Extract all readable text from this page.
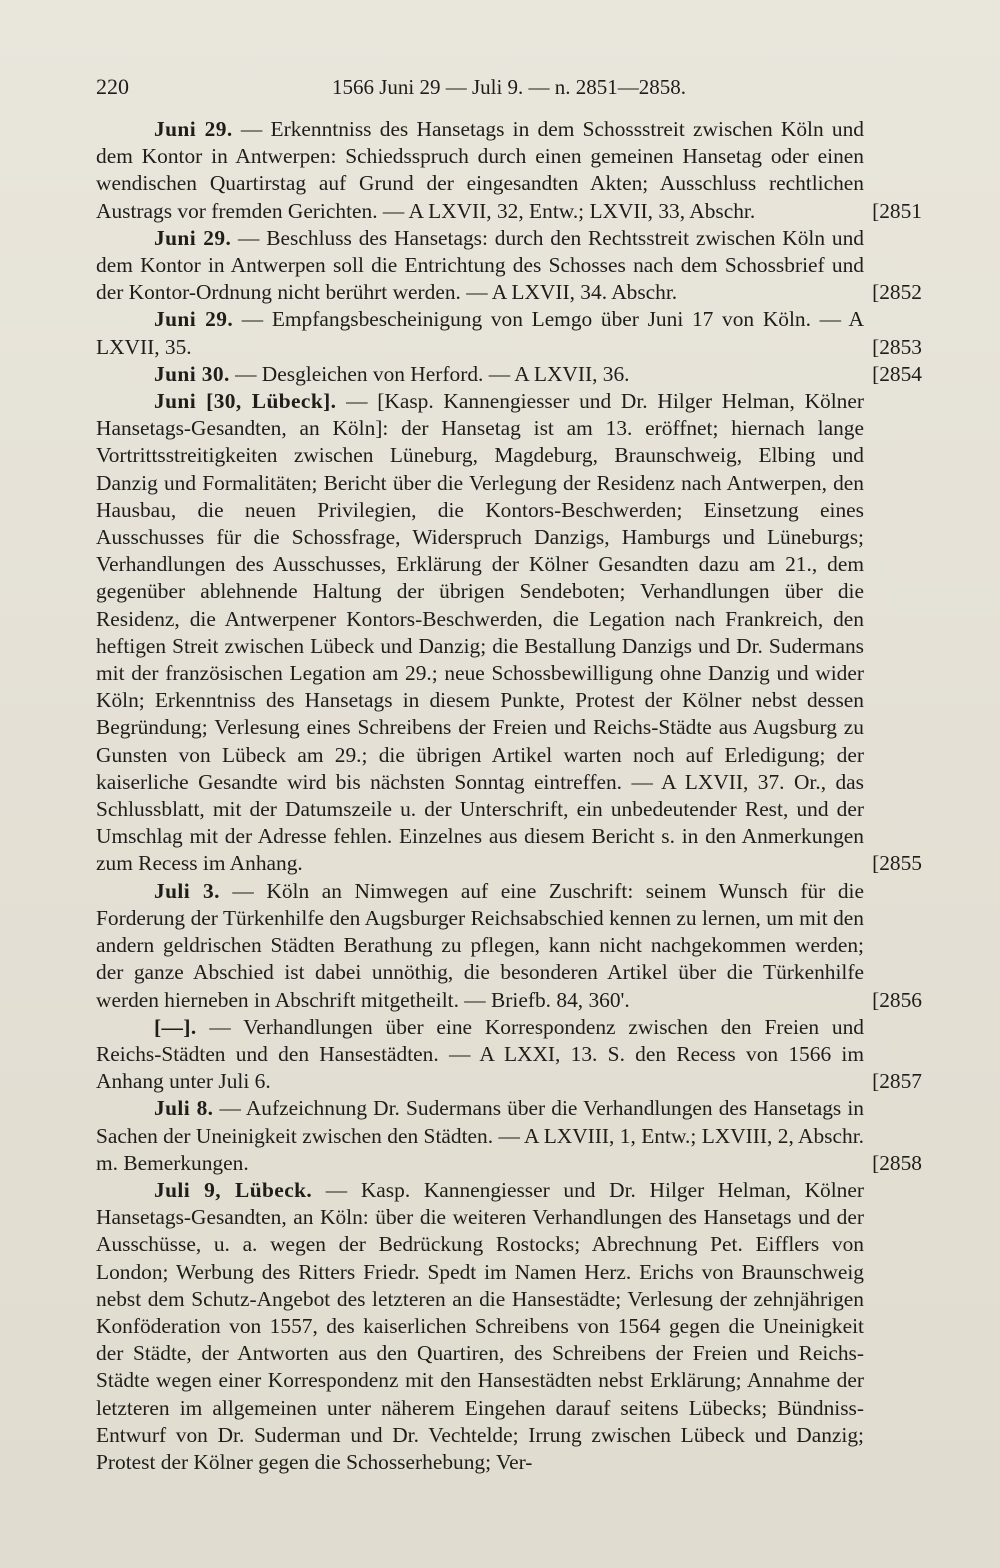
220	1566 Juni 29 — Juli 9. — n. 2851—2858.

Juni 29. — Erkenntniss des Hansetags in dem Schossstreit zwischen Köln und dem Kontor in Antwerpen: Schiedsspruch durch einen gemeinen Hansetag oder einen wendischen Quartirstag auf Grund der eingesandten Akten; Ausschluss rechtlichen Austrags vor fremden Gerichten. — A LXVII, 32, Entw.; LXVII, 33, Abschr.	[2851

Juni 29. — Beschluss des Hansetags: durch den Rechtsstreit zwischen Köln und dem Kontor in Antwerpen soll die Entrichtung des Schosses nach dem Schossbrief und der Kontor-Ordnung nicht berührt werden. — A LXVII, 34. Abschr.	[2852

Juni 29. — Empfangsbescheinigung von Lemgo über Juni 17 von Köln. — A LXVII, 35.	[2853

Juni 30. — Desgleichen von Herford. — A LXVII, 36.	[2854

Juni [30, Lübeck]. — [Kasp. Kannengiesser und Dr. Hilger Helman, Kölner Hansetags-Gesandten, an Köln]: der Hansetag ist am 13. eröffnet; hiernach lange Vortrittsstreitigkeiten zwischen Lüneburg, Magdeburg, Braunschweig, Elbing und Danzig und Formalitäten; Bericht über die Verlegung der Residenz nach Antwerpen, den Hausbau, die neuen Privilegien, die Kontors-Beschwerden; Einsetzung eines Ausschusses für die Schossfrage, Widerspruch Danzigs, Hamburgs und Lüneburgs; Verhandlungen des Ausschusses, Erklärung der Kölner Gesandten dazu am 21., dem gegenüber ablehnende Haltung der übrigen Sendeboten; Verhandlungen über die Residenz, die Antwerpener Kontors-Beschwerden, die Legation nach Frankreich, den heftigen Streit zwischen Lübeck und Danzig; die Bestallung Danzigs und Dr. Sudermans mit der französischen Legation am 29.; neue Schossbewilligung ohne Danzig und wider Köln; Erkenntniss des Hansetags in diesem Punkte, Protest der Kölner nebst dessen Begründung; Verlesung eines Schreibens der Freien und Reichs-Städte aus Augsburg zu Gunsten von Lübeck am 29.; die übrigen Artikel warten noch auf Erledigung; der kaiserliche Gesandte wird bis nächsten Sonntag eintreffen. — A LXVII, 37. Or., das Schlussblatt, mit der Datumszeile u. der Unterschrift, ein unbedeutender Rest, und der Umschlag mit der Adresse fehlen. Einzelnes aus diesem Bericht s. in den Anmerkungen zum Recess im Anhang.	[2855

Juli 3. — Köln an Nimwegen auf eine Zuschrift: seinem Wunsch für die Forderung der Türkenhilfe den Augsburger Reichsabschied kennen zu lernen, um mit den andern geldrischen Städten Berathung zu pflegen, kann nicht nachgekommen werden; der ganze Abschied ist dabei unnöthig, die besonderen Artikel über die Türkenhilfe werden hierneben in Abschrift mitgetheilt. — Briefb. 84, 360'.	[2856

[—]. — Verhandlungen über eine Korrespondenz zwischen den Freien und Reichs-Städten und den Hansestädten. — A LXXI, 13. S. den Recess von 1566 im Anhang unter Juli 6.	[2857

Juli 8. — Aufzeichnung Dr. Sudermans über die Verhandlungen des Hansetags in Sachen der Uneinigkeit zwischen den Städten. — A LXVIII, 1, Entw.; LXVIII, 2, Abschr. m. Bemerkungen.	[2858

Juli 9, Lübeck. — Kasp. Kannengiesser und Dr. Hilger Helman, Kölner Hansetags-Gesandten, an Köln: über die weiteren Verhandlungen des Hansetags und der Ausschüsse, u. a. wegen der Bedrückung Rostocks; Abrechnung Pet. Eifflers von London; Werbung des Ritters Friedr. Spedt im Namen Herz. Erichs von Braunschweig nebst dem Schutz-Angebot des letzteren an die Hansestädte; Verlesung der zehnjährigen Konföderation von 1557, des kaiserlichen Schreibens von 1564 gegen die Uneinigkeit der Städte, der Antworten aus den Quartiren, des Schreibens der Freien und Reichs-Städte wegen einer Korrespondenz mit den Hansestädten nebst Erklärung; Annahme der letzteren im allgemeinen unter näherem Eingehen darauf seitens Lübecks; Bündniss-Entwurf von Dr. Suderman und Dr. Vechtelde; Irrung zwischen Lübeck und Danzig; Protest der Kölner gegen die Schosserhebung; Ver-
